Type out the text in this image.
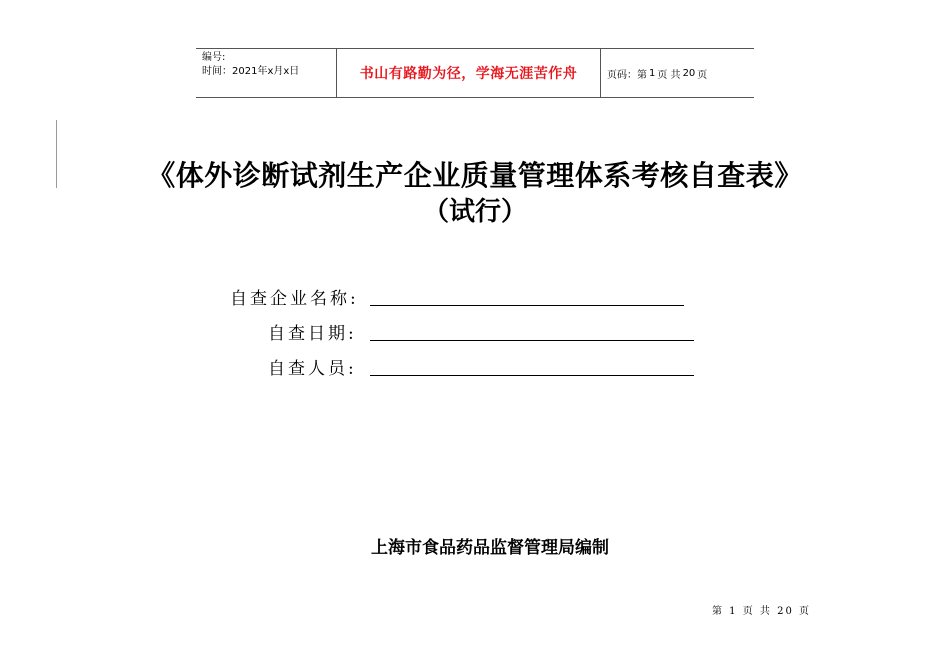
编号:
时间：2021年x月x日	书山有路勤为径，学海无涯苦作舟	页码：第 1 页 共 20 页
《体外诊断试剂生产企业质量管理体系考核自查表》
（试行）
自查企业名称:
自查日期:
自查人员:
上海市食品药品监督管理局编制
第 1 页 共 20 页
